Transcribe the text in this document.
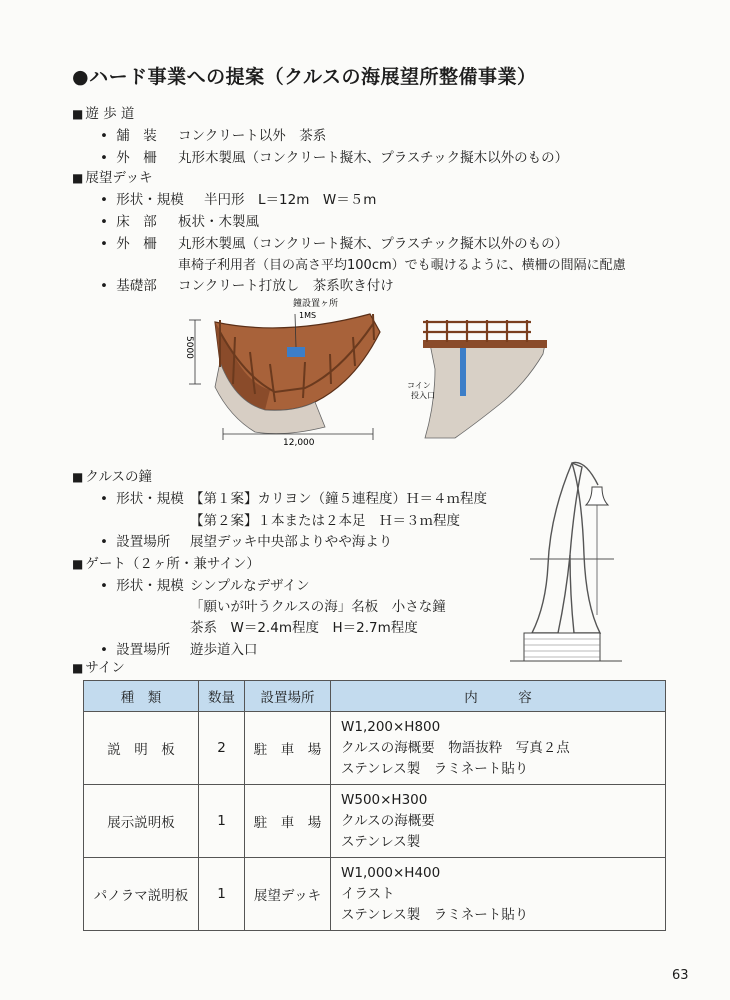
●ハード事業への提案（クルスの海展望所整備事業）
■ 遊 歩 道
• 舗　装 コンクリート以外　茶系
• 外　柵 丸形木製風（コンクリート擬木、プラスチック擬木以外のもの）
■ 展望デッキ
• 形状・規模 半円形　L＝12m　W＝５m
• 床　部 板状・木製風
• 外　柵 丸形木製風（コンクリート擬木、プラスチック擬木以外のもの）
車椅子利用者（目の高さ平均100cm）でも覗けるように、横柵の間隔に配慮
• 基礎部 コンクリート打放し　茶系吹き付け
鐘設置ヶ所
1MS
5000
12,000
コイン
投入口
■ クルスの鐘
• 形状・規模 【第１案】カリヨン（鐘５連程度）Ｈ＝４ｍ程度
【第２案】１本または２本足　Ｈ＝３ｍ程度
• 設置場所 展望デッキ中央部よりやや海より
■ ゲート（２ヶ所・兼サイン）
• 形状・規模 シンプルなデザイン
「願いが叶うクルスの海」名板　小さな鐘
茶系　W＝2.4m程度　H＝2.7m程度
• 設置場所 遊歩道入口
■ サイン
種　類	数量	設置場所	内　　　容
説　明　板	2	駐　車　場	W1,200×H800
クルスの海概要　物語抜粋　写真２点
ステンレス製　ラミネート貼り

展示説明板	1	駐　車　場	W500×H300
クルスの海概要
ステンレス製

パノラマ説明板	1	展望デッキ	W1,000×H400
イラスト
ステンレス製　ラミネート貼り
63
